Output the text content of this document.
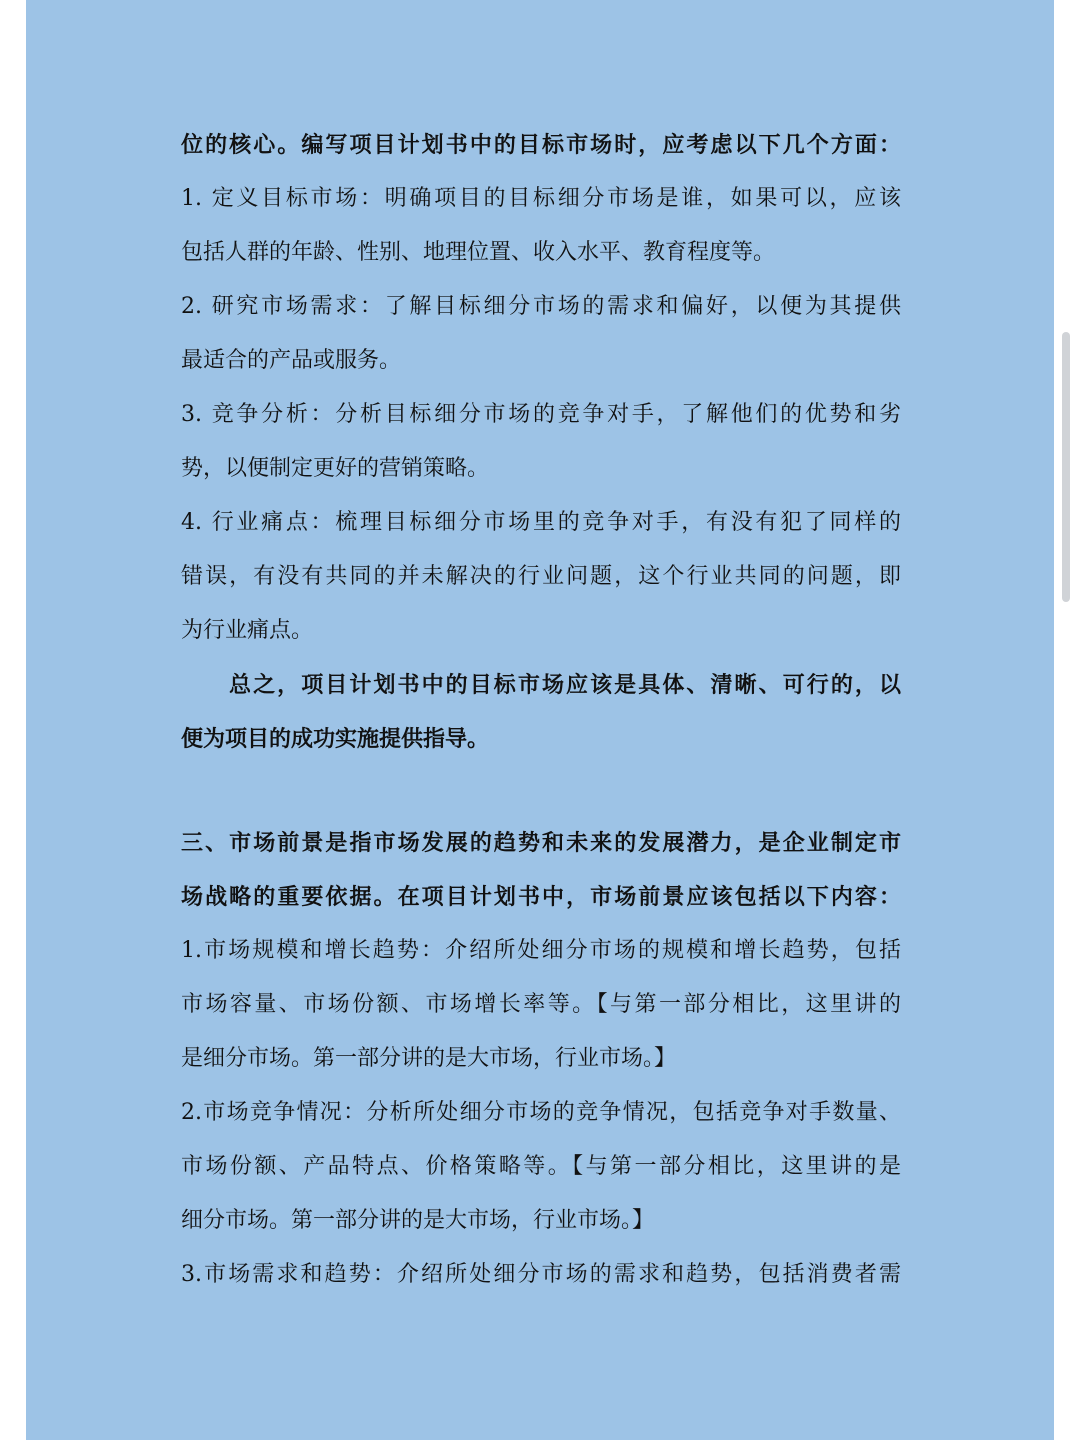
位的核心。编写项目计划书中的目标市场时，应考虑以下几个方面：
1. 定义目标市场：明确项目的目标细分市场是谁，如果可以，应该
包括人群的年龄、性别、地理位置、收入水平、教育程度等。
2. 研究市场需求：了解目标细分市场的需求和偏好，以便为其提供
最适合的产品或服务。
3. 竞争分析：分析目标细分市场的竞争对手，了解他们的优势和劣
势，以便制定更好的营销策略。
4. 行业痛点：梳理目标细分市场里的竞争对手，有没有犯了同样的
错误，有没有共同的并未解决的行业问题，这个行业共同的问题，即
为行业痛点。
总之，项目计划书中的目标市场应该是具体、清晰、可行的，以
便为项目的成功实施提供指导。
三、市场前景是指市场发展的趋势和未来的发展潜力，是企业制定市
场战略的重要依据。在项目计划书中，市场前景应该包括以下内容：
1.市场规模和增长趋势：介绍所处细分市场的规模和增长趋势，包括
市场容量、市场份额、市场增长率等。【与第一部分相比，这里讲的
是细分市场。第一部分讲的是大市场，行业市场。】
2.市场竞争情况：分析所处细分市场的竞争情况，包括竞争对手数量、
市场份额、产品特点、价格策略等。【与第一部分相比，这里讲的是
细分市场。第一部分讲的是大市场，行业市场。】
3.市场需求和趋势：介绍所处细分市场的需求和趋势，包括消费者需
